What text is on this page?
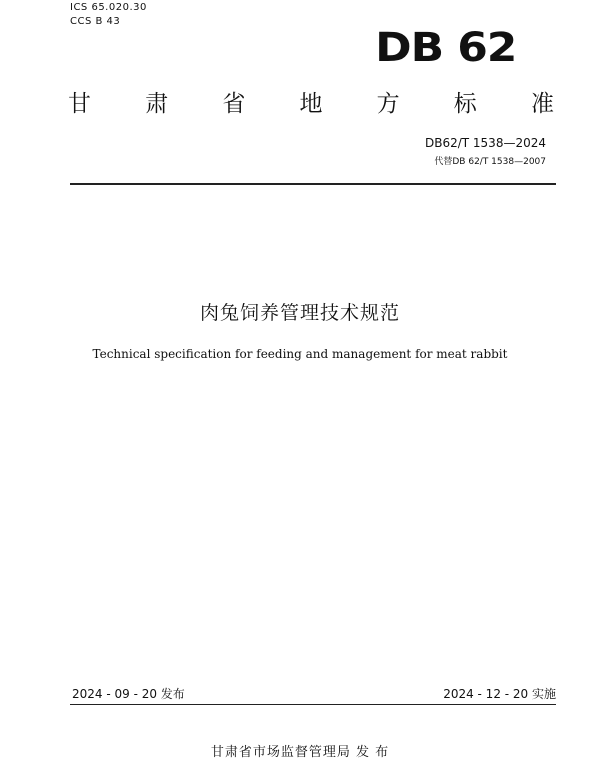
ICS 65.020.30
CCS B 43
DB 62
甘 肃 省 地 方 标 准
DB62/T 1538—2024
代替DB 62/T 1538—2007
肉兔饲养管理技术规范
Technical specification for feeding and management for meat rabbit
2024 - 09 - 20 发布	2024 - 12 - 20 实施
甘肃省市场监督管理局 发 布
